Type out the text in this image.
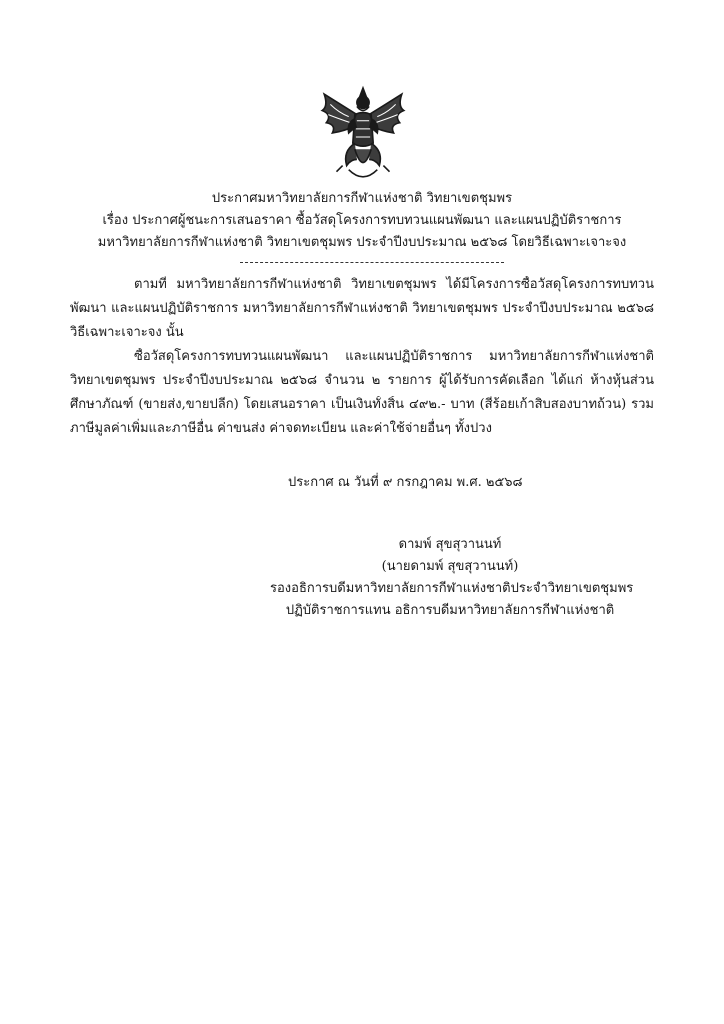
ประกาศมหาวิทยาลัยการกีฬาแห่งชาติ วิทยาเขตชุมพร
เรื่อง ประกาศผู้ชนะการเสนอราคา ซื้อวัสดุโครงการทบทวนแผนพัฒนา และแผนปฏิบัติราชการ
มหาวิทยาลัยการกีฬาแห่งชาติ วิทยาเขตชุมพร ประจำปีงบประมาณ ๒๕๖๘ โดยวิธีเฉพาะเจาะจง
ตามที่ มหาวิทยาลัยการกีฬาแห่งชาติ วิทยาเขตชุมพร ได้มีโครงการซื้อวัสดุโครงการทบทวน
พัฒนา และแผนปฏิบัติราชการ มหาวิทยาลัยการกีฬาแห่งชาติ วิทยาเขตชุมพร ประจำปีงบประมาณ ๒๕๖๘
วิธีเฉพาะเจาะจง นั้น
ซื้อวัสดุโครงการทบทวนแผนพัฒนา และแผนปฏิบัติราชการ มหาวิทยาลัยการกีฬาแห่งชาติ
วิทยาเขตชุมพร ประจำปีงบประมาณ ๒๕๖๘ จำนวน ๒ รายการ ผู้ได้รับการคัดเลือก ได้แก่ ห้างหุ้นส่วน
ศึกษาภัณฑ์ (ขายส่ง,ขายปลีก) โดยเสนอราคา เป็นเงินทั้งสิ้น ๔๙๒.- บาท (สี่ร้อยเก้าสิบสองบาทถ้วน) รวม
ภาษีมูลค่าเพิ่มและภาษีอื่น ค่าขนส่ง ค่าจดทะเบียน และค่าใช้จ่ายอื่นๆ ทั้งปวง
ประกาศ ณ วันที่ ๙ กรกฎาคม พ.ศ. ๒๕๖๘
ดามพ์ สุขสุวานนท์
(นายดามพ์ สุขสุวานนท์)
รองอธิการบดีมหาวิทยาลัยการกีฬาแห่งชาติประจำวิทยาเขตชุมพร
ปฏิบัติราชการแทน อธิการบดีมหาวิทยาลัยการกีฬาแห่งชาติ
